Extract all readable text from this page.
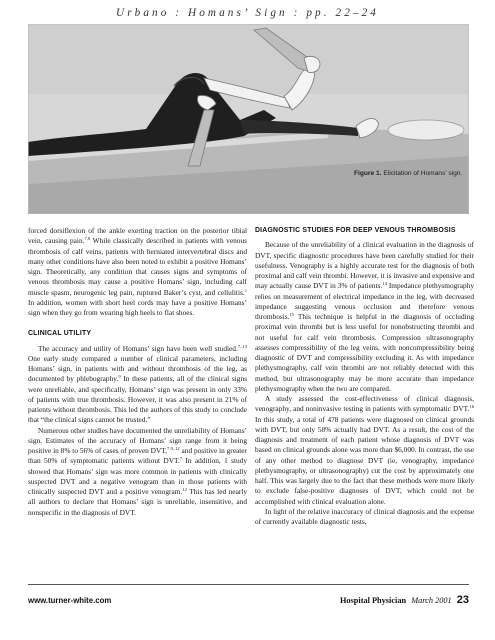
Urbano : Homans’ Sign : pp. 22–24
Figure 1. Elicitation of Homans’ sign.

forced dorsiflexion of the ankle exerting traction on the posterior tibial vein, causing pain.$^{7,8}$ While classically described in patients with venous thrombosis of calf veins, patients with herniated intervertebral discs and many other conditions have also been noted to exhibit a positive Homans’ sign. Theoretically, any condition that causes signs and symptoms of venous thrombosis may cause a positive Homans’ sign, including calf muscle spasm, neurogenic leg pain, ruptured Baker’s cyst, and cellulitis.$^1$ In addition, women with short heel cords may have a positive Homans’ sign when they go from wearing high heels to flat shoes.

CLINICAL UTILITY

The accuracy and utility of Homans’ sign have been well studied.$^{7-13}$ One early study compared a number of clinical parameters, including Homans’ sign, in patients with and without thrombosis of the leg, as documented by phlebography.$^9$ In these patients, all of the clinical signs were unreliable, and specifically, Homans’ sign was present in only 33% of patients with true thrombosis. However, it was also present in 21% of patients without thrombosis. This led the authors of this study to conclude that “the clinical signs cannot be trusted.”

Numerous other studies have documented the unreliability of Homans’ sign. Estimates of the accuracy of Homans’ sign range from it being positive in 8% to 56% of cases of proven DVT,$^{7,9-12}$ and positive in greater than 50% of symptomatic patients without DVT.$^7$ In addition, 1 study showed that Homans’ sign was more common in patients with clinically suspected DVT and a negative venogram than in those patients with clinically suspected DVT and a positive venogram.$^{12}$ This has led nearly all authors to declare that Homans’ sign is unreliable, insensitive, and nonspecific in the diagnosis of DVT.

DIAGNOSTIC STUDIES FOR DEEP VENOUS THROMBOSIS

Because of the unreliability of a clinical evaluation in the diagnosis of DVT, specific diagnostic procedures have been carefully studied for their usefulness. Venography is a highly accurate test for the diagnosis of both proximal and calf vein thrombi. However, it is invasive and expensive and may actually cause DVT in 3% of patients.$^{14}$ Impedance plethysmography relies on measurement of electrical impedance in the leg, with decreased impedance suggesting venous occlusion and therefore venous thrombosis.$^{15}$ This technique is helpful in the diagnosis of occluding proximal vein thrombi but is less useful for nonobstructing thrombi and not useful for calf vein thrombosis. Compression ultrasonography assesses compressibility of the leg veins, with noncompressibility being diagnostic of DVT and compressibility excluding it. As with impedance plethysmography, calf vein thrombi are not reliably detected with this method, but ultrasonography may be more accurate than impedance plethysmography when the two are compared.

A study assessed the cost-effectiveness of clinical diagnosis, venography, and noninvasive testing in patients with symptomatic DVT.$^{16}$ In this study, a total of 478 patients were diagnosed on clinical grounds with DVT, but only 58% actually had DVT. As a result, the cost of the diagnosis and treatment of each patient whose diagnosis of DVT was based on clinical grounds alone was more than $6,000. In contrast, the use of any other method to diagnose DVT (ie, venography, impedance plethysmography, or ultrasonography) cut the cost by approximately one half. This was largely due to the fact that these methods were more likely to exclude false-positive diagnoses of DVT, which could not be accomplished with clinical evaluation alone.

In light of the relative inaccuracy of clinical diagnosis and the expense of currently available diagnostic tests,

www.turner-white.com	Hospital Physician March 2001 23
